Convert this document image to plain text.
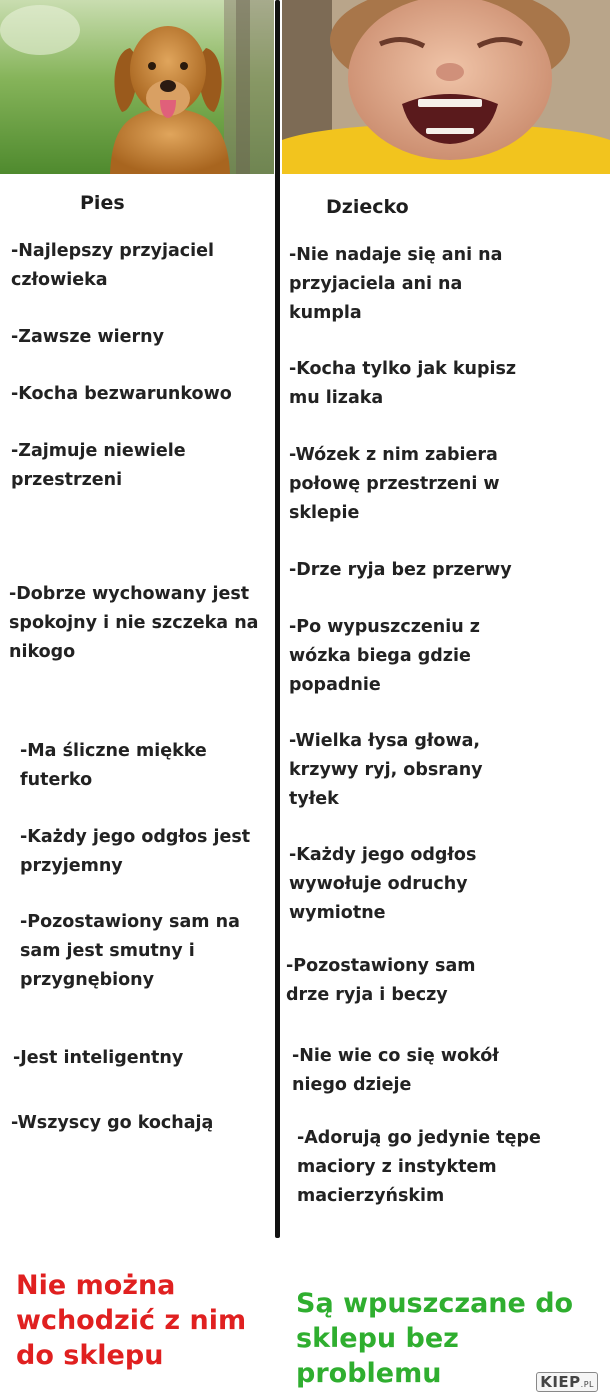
Pies	Dziecko
-Najlepszy przyjaciel
człowieka
-Zawsze wierny
-Kocha bezwarunkowo
-Zajmuje niewiele
przestrzeni
-Dobrze wychowany jest
spokojny i nie szczeka na
nikogo
-Ma śliczne miękke
futerko
-Każdy jego odgłos jest
przyjemny
-Pozostawiony sam na
sam jest smutny i
przygnębiony
-Jest inteligentny
-Wszyscy go kochają
-Nie nadaje się ani na
przyjaciela ani na
kumpla
-Kocha tylko jak kupisz
mu lizaka
-Wózek z nim zabiera
połowę przestrzeni w
sklepie
-Drze ryja bez przerwy
-Po wypuszczeniu z
wózka biega gdzie
popadnie
-Wielka łysa głowa,
krzywy ryj, obsrany
tyłek
-Każdy jego odgłos
wywołuje odruchy
wymiotne
-Pozostawiony sam
drze ryja i beczy
-Nie wie co się wokół
niego dzieje
-Adorują go jedynie tępe
maciory z instyktem
macierzyńskim
Nie można
wchodzić z nim
do sklepu
Są wpuszczane do
sklepu bez problemu	KIEP.PL
